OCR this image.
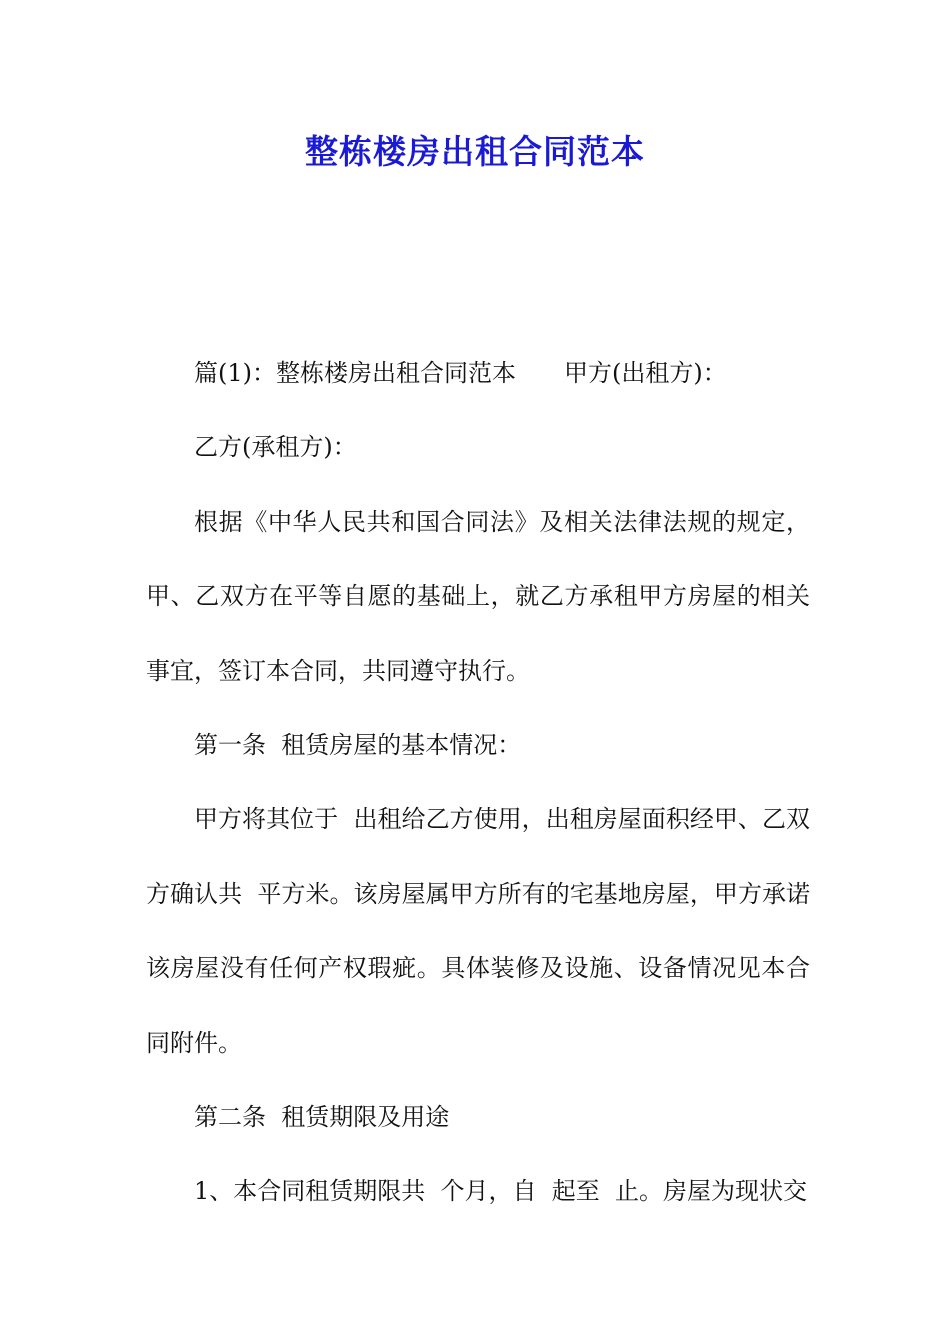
整栋楼房出租合同范本

篇(1)：整栋楼房出租合同范本　　甲方(出租方)：

乙方(承租方)：

根据《中华人民共和国合同法》及相关法律法规的规定，甲、乙双方在平等自愿的基础上，就乙方承租甲方房屋的相关事宜，签订本合同，共同遵守执行。

第一条  租赁房屋的基本情况：

甲方将其位于  出租给乙方使用，出租房屋面积经甲、乙双方确认共  平方米。该房屋属甲方所有的宅基地房屋，甲方承诺该房屋没有任何产权瑕疵。具体装修及设施、设备情况见本合同附件。

第二条  租赁期限及用途

1、本合同租赁期限共  个月，自  起至  止。房屋为现状交
